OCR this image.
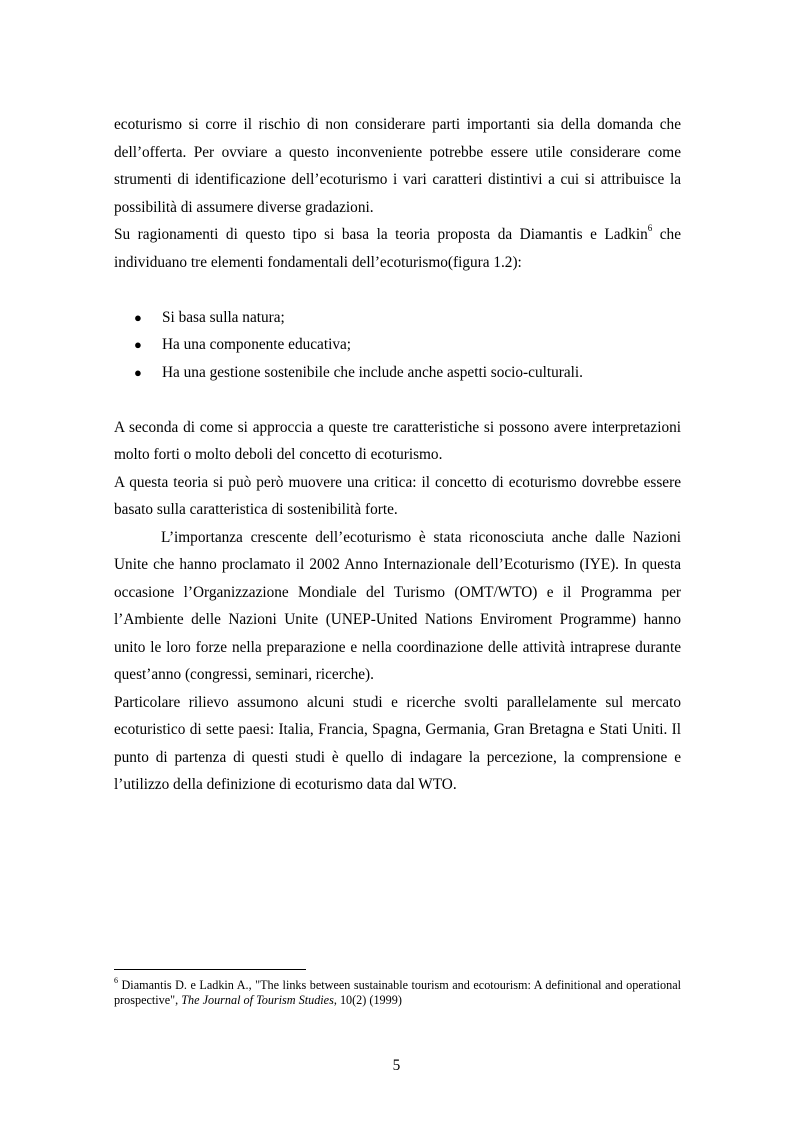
ecoturismo si corre il rischio di non considerare parti importanti sia della domanda che dell’offerta. Per ovviare a questo inconveniente potrebbe essere utile considerare come strumenti di identificazione dell’ecoturismo i vari caratteri distintivi a cui si attribuisce la possibilità di assumere diverse gradazioni.

Su ragionamenti di questo tipo si basa la teoria proposta da Diamantis e Ladkin$^6$ che individuano tre elementi fondamentali dell’ecoturismo(figura 1.2):

● Si basa sulla natura;
● Ha una componente educativa;
● Ha una gestione sostenibile che include anche aspetti socio-culturali.

A seconda di come si approccia a queste tre caratteristiche si possono avere interpretazioni molto forti o molto deboli del concetto di ecoturismo.

A questa teoria si può però muovere una critica: il concetto di ecoturismo dovrebbe essere basato sulla caratteristica di sostenibilità forte.

L’importanza crescente dell’ecoturismo è stata riconosciuta anche dalle Nazioni Unite che hanno proclamato il 2002 Anno Internazionale dell’Ecoturismo (IYE). In questa occasione l’Organizzazione Mondiale del Turismo (OMT/WTO) e il Programma per l’Ambiente delle Nazioni Unite (UNEP-United Nations Enviroment Programme) hanno unito le loro forze nella preparazione e nella coordinazione delle attività intraprese durante quest’anno (congressi, seminari, ricerche).

Particolare rilievo assumono alcuni studi e ricerche svolti parallelamente sul mercato ecoturistico di sette paesi: Italia, Francia, Spagna, Germania, Gran Bretagna e Stati Uniti. Il punto di partenza di questi studi è quello di indagare la percezione, la comprensione e l’utilizzo della definizione di ecoturismo data dal WTO.

$^6$ Diamantis D. e Ladkin A., "The links between sustainable tourism and ecotourism: A definitional and operational prospective", The Journal of Tourism Studies, 10(2) (1999)

5
